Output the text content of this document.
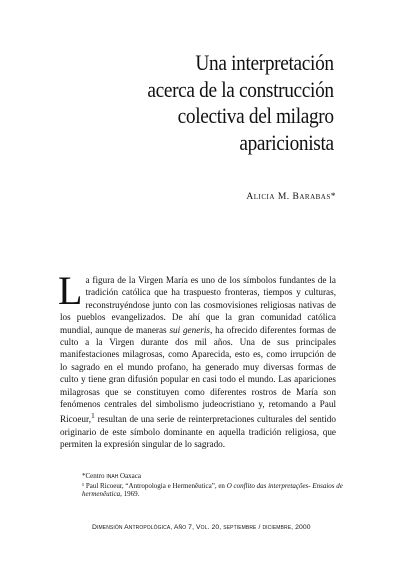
Una interpretación
acerca de la construcción
colectiva del milagro
aparicionista
Alicia M. Barabas*

La figura de la Virgen María es uno de los símbolos fundantes de la tradición católica que ha traspuesto fronteras, tiempos y culturas, reconstruyéndose junto con las cosmovisiones religiosas nativas de los pueblos evangelizados. De ahí que la gran comunidad católica mundial, aunque de maneras sui generis, ha ofrecido diferentes formas de culto a la Virgen durante dos mil años. Una de sus principales manifestaciones milagrosas, como Aparecida, esto es, como irrupción de lo sagrado en el mundo profano, ha generado muy diversas formas de culto y tiene gran difusión popular en casi todo el mundo. Las apariciones milagrosas que se constituyen como diferentes rostros de María son fenómenos centrales del simbolismo judeocristiano y, retomando a Paul Ricoeur,$^1$ resultan de una serie de reinterpretaciones culturales del sentido originario de este símbolo dominante en aquella tradición religiosa, que permiten la expresión singular de lo sagrado.

*Centro inah Oaxaca
¹ Paul Ricoeur, “Antropologia e Hermenêutica”, en O conflito das interpretações- Ensaios de hermenêutica, 1969.
Dimensión Antropológica, Año 7, Vol. 20, septiembre / diciembre, 2000
